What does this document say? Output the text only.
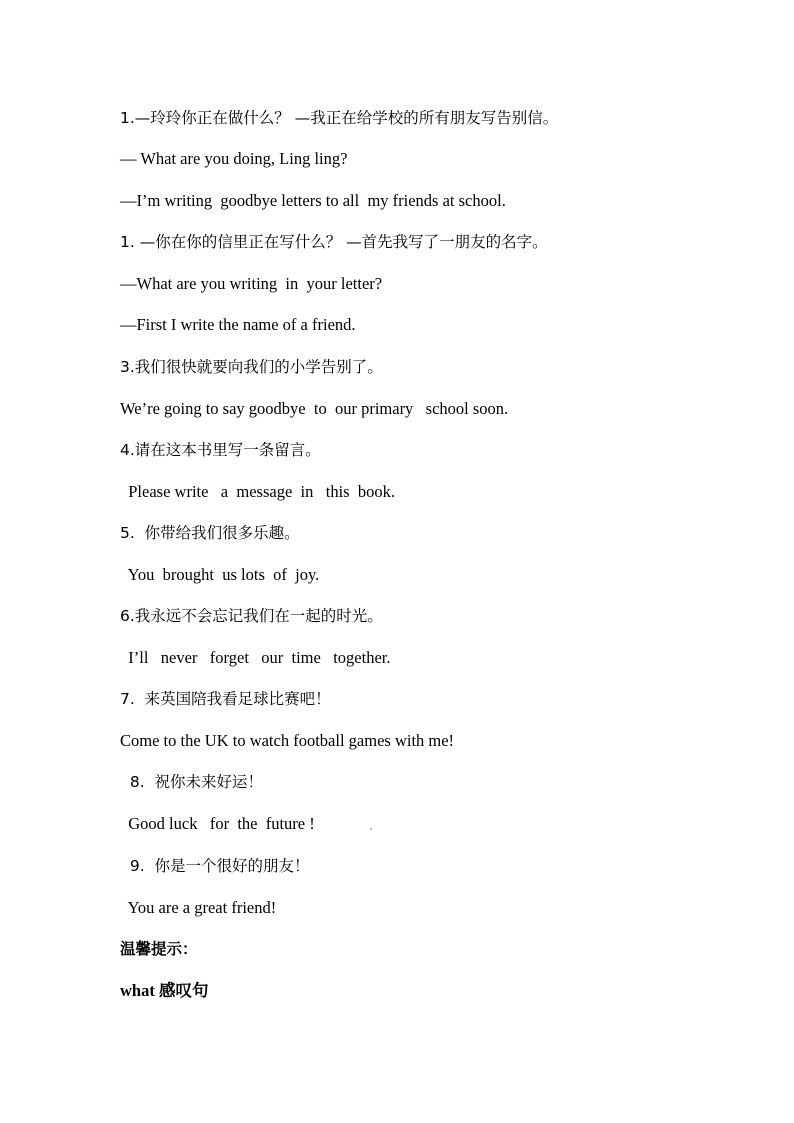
1.—玲玲你正在做什么？ —我正在给学校的所有朋友写告别信。
— What are you doing, Ling ling?
—I’m writing  goodbye letters to all  my friends at school.
1. —你在你的信里正在写什么？ —首先我写了一朋友的名字。
—What are you writing  in  your letter?
—First I write the name of a friend.
3.我们很快就要向我们的小学告别了。
We’re going to say goodbye  to  our primary   school soon.
4.请在这本书里写一条留言。
Please write   a  message  in   this  book.
5.  你带给我们很多乐趣。
You  brought  us lots  of  joy.
6.我永远不会忘记我们在一起的时光。
I’ll   never   forget   our  time   together.
7.  来英国陪我看足球比赛吧！
Come to the UK to watch football games with me!
8.  祝你未来好运！
Good luck   for  the  future !
9.  你是一个很好的朋友！
You are a great friend!
温馨提示：
what 感叹句
